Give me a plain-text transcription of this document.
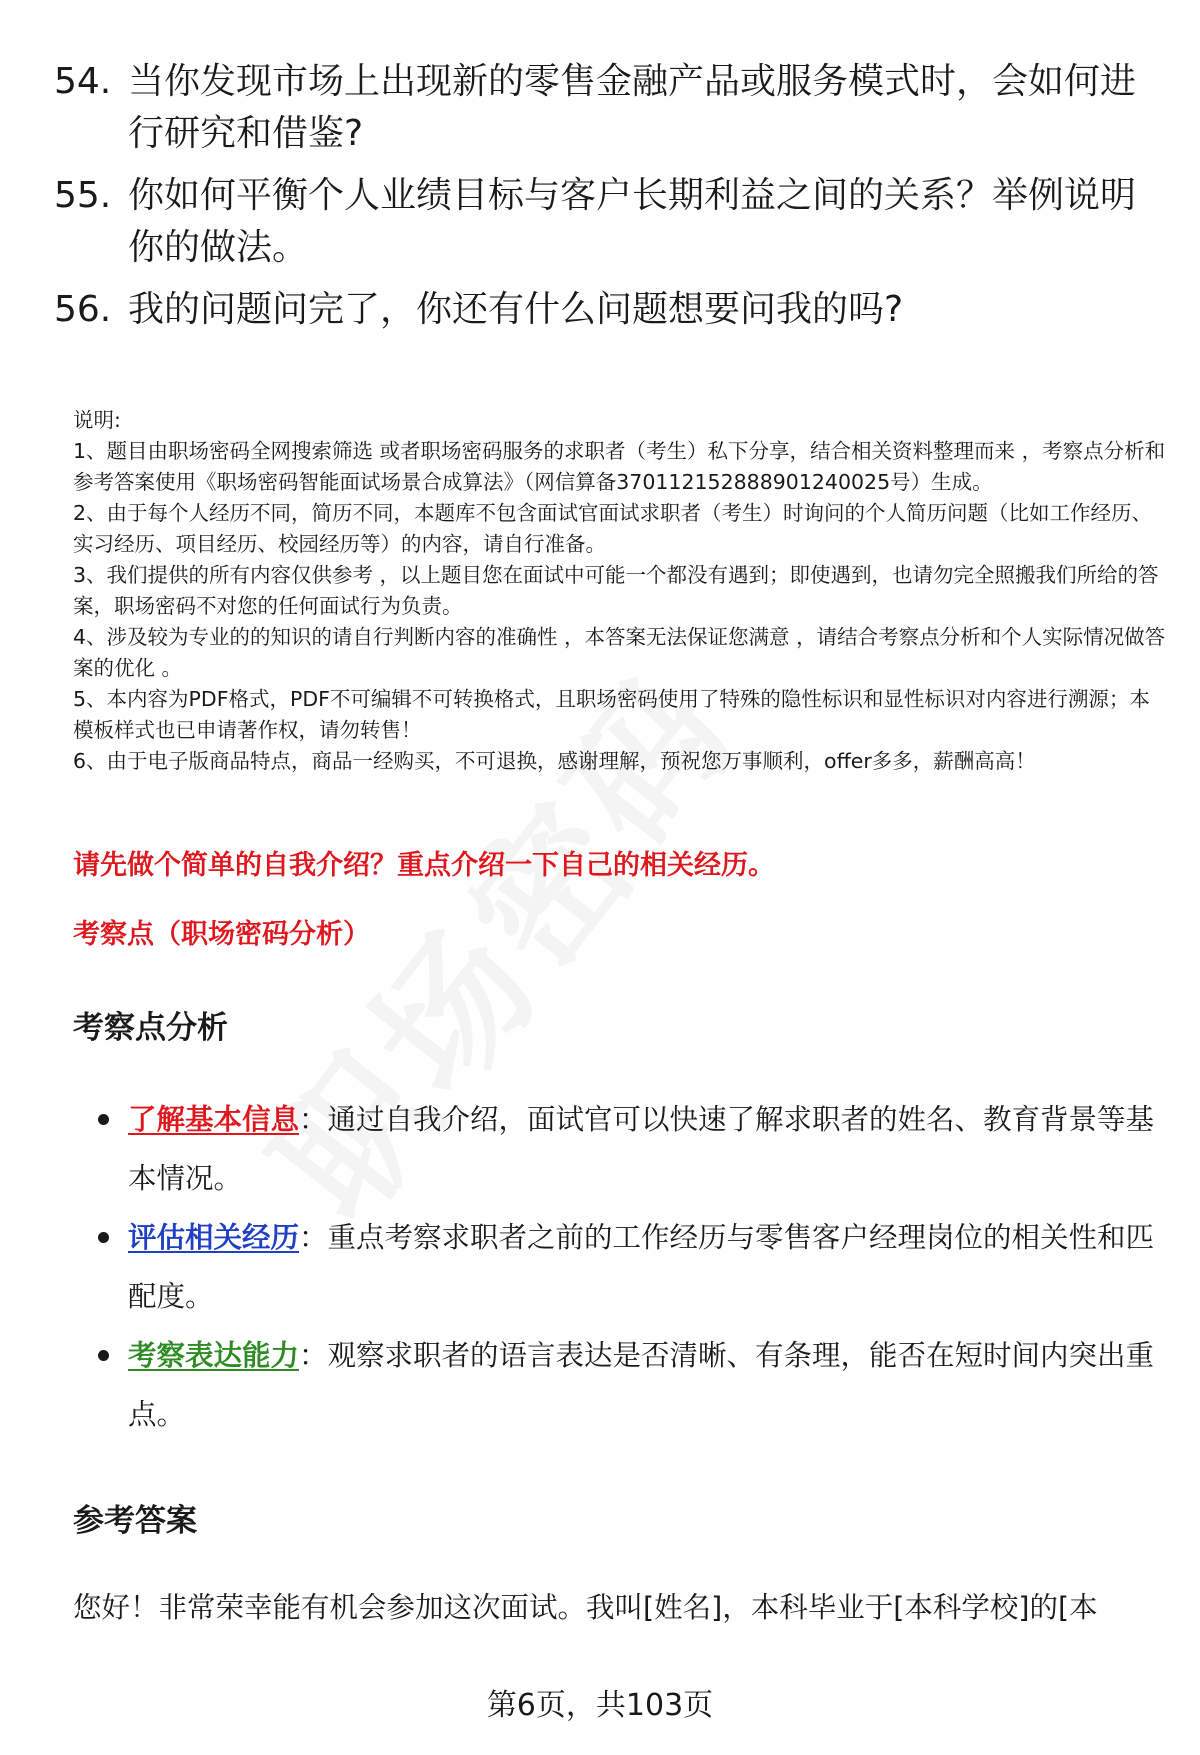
54. 当你发现市场上出现新的零售金融产品或服务模式时，会如何进行研究和借鉴?
55. 你如何平衡个人业绩目标与客户长期利益之间的关系？举例说明你的做法。
56. 我的问题问完了，你还有什么问题想要问我的吗?

说明:

1、题目由职场密码全网搜索筛选 或者职场密码服务的求职者（考生）私下分享，结合相关资料整理而来 ，考察点分析和参考答案使用《职场密码智能面试场景合成算法》（网信算备370112152888901240025号）生成。

2、由于每个人经历不同，简历不同，本题库不包含面试官面试求职者（考生）时询问的个人简历问题（比如工作经历、实习经历、项目经历、校园经历等）的内容，请自行准备。

3、我们提供的所有内容仅供参考 ，以上题目您在面试中可能一个都没有遇到；即使遇到，也请勿完全照搬我们所给的答案，职场密码不对您的任何面试行为负责。

4、涉及较为专业的的知识的请自行判断内容的准确性 ，本答案无法保证您满意 ，请结合考察点分析和个人实际情况做答案的优化 。

5、本内容为PDF格式，PDF不可编辑不可转换格式，且职场密码使用了特殊的隐性标识和显性标识对内容进行溯源；本模板样式也已申请著作权，请勿转售！

6、由于电子版商品特点，商品一经购买，不可退换，感谢理解，预祝您万事顺利，offer多多，薪酬高高！

请先做个简单的自我介绍？重点介绍一下自己的相关经历。
考察点（职场密码分析）
考察点分析
了解基本信息：通过自我介绍，面试官可以快速了解求职者的姓名、教育背景等基本情况。
评估相关经历：重点考察求职者之前的工作经历与零售客户经理岗位的相关性和匹配度。
考察表达能力：观察求职者的语言表达是否清晰、有条理，能否在短时间内突出重点。
参考答案
您好！非常荣幸能有机会参加这次面试。我叫[姓名]，本科毕业于[本科学校]的[本
第6页，共103页
